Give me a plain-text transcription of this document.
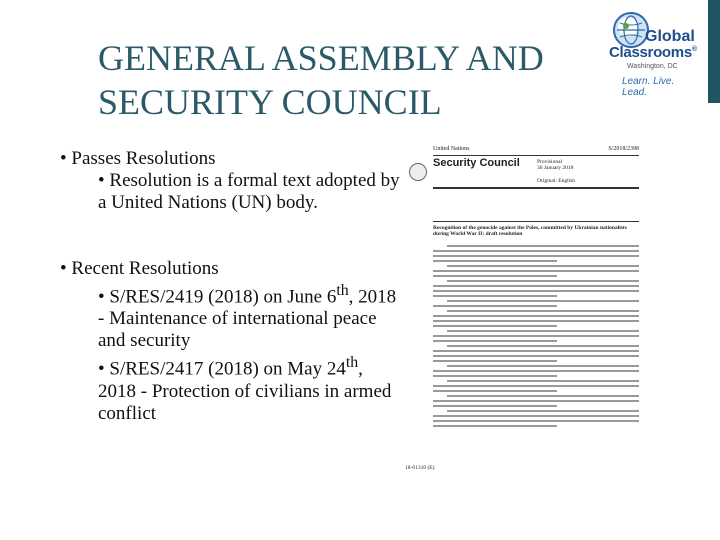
GENERAL ASSEMBLY AND
SECURITY COUNCIL
Global
Classrooms®
Washington, DC
Learn. Live. Lead.

• Passes Resolutions

• Resolution is a formal text adopted by a United Nations (UN) body.

• Recent Resolutions

• S/RES/2419 (2018) on June 6th, 2018 - Maintenance of international peace and security

• S/RES/2417 (2018) on May 24th, 2018 - Protection of civilians in armed conflict

United Nations	S/2018/2398
Security Council	Provisional
30 January 2018
Original: English
Recognition of the genocide against the Poles, committed by Ukrainian nationalists during World War II: draft resolution
18-01310 (E)
